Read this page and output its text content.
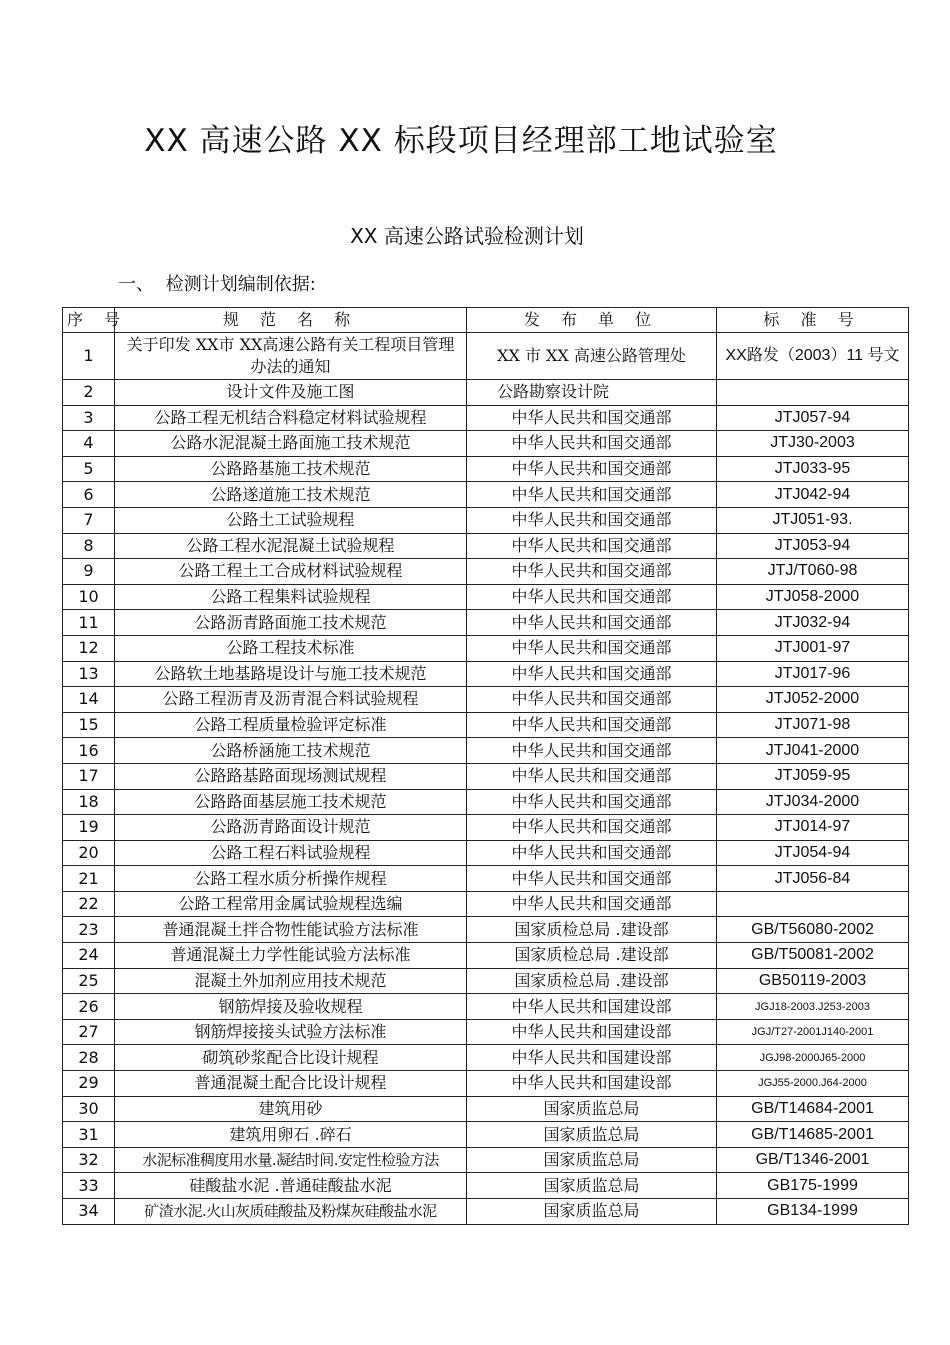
XX 高速公路 XX 标段项目经理部工地试验室
XX 高速公路试验检测计划
一、 检测计划编制依据:
序 号	规 范 名 称	发 布 单 位	标 准 号
1	关于印发 XX市 XX高速公路有关工程项目管理办法的通知	XX 市 XX 高速公路管理处	XX路发（2003）11 号文
2	设计文件及施工图	公路勘察设计院	
3	公路工程无机结合料稳定材料试验规程	中华人民共和国交通部	JTJ057-94
4	公路水泥混凝土路面施工技术规范	中华人民共和国交通部	JTJ30-2003
5	公路路基施工技术规范	中华人民共和国交通部	JTJ033-95
6	公路遂道施工技术规范	中华人民共和国交通部	JTJ042-94
7	公路土工试验规程	中华人民共和国交通部	JTJ051-93.
8	公路工程水泥混凝土试验规程	中华人民共和国交通部	JTJ053-94
9	公路工程土工合成材料试验规程	中华人民共和国交通部	JTJ/T060-98
10	公路工程集料试验规程	中华人民共和国交通部	JTJ058-2000
11	公路沥青路面施工技术规范	中华人民共和国交通部	JTJ032-94
12	公路工程技术标准	中华人民共和国交通部	JTJ001-97
13	公路软土地基路堤设计与施工技术规范	中华人民共和国交通部	JTJ017-96
14	公路工程沥青及沥青混合料试验规程	中华人民共和国交通部	JTJ052-2000
15	公路工程质量检验评定标准	中华人民共和国交通部	JTJ071-98
16	公路桥涵施工技术规范	中华人民共和国交通部	JTJ041-2000
17	公路路基路面现场测试规程	中华人民共和国交通部	JTJ059-95
18	公路路面基层施工技术规范	中华人民共和国交通部	JTJ034-2000
19	公路沥青路面设计规范	中华人民共和国交通部	JTJ014-97
20	公路工程石料试验规程	中华人民共和国交通部	JTJ054-94
21	公路工程水质分析操作规程	中华人民共和国交通部	JTJ056-84
22	公路工程常用金属试验规程选编	中华人民共和国交通部	
23	普通混凝土拌合物性能试验方法标准	国家质检总局 .建设部	GB/T56080-2002
24	普通混凝土力学性能试验方法标准	国家质检总局 .建设部	GB/T50081-2002
25	混凝土外加剂应用技术规范	国家质检总局 .建设部	GB50119-2003
26	钢筋焊接及验收规程	中华人民共和国建设部	JGJ18-2003.J253-2003
27	钢筋焊接接头试验方法标准	中华人民共和国建设部	JGJ/T27-2001J140-2001
28	砌筑砂浆配合比设计规程	中华人民共和国建设部	JGJ98-2000J65-2000
29	普通混凝土配合比设计规程	中华人民共和国建设部	JGJ55-2000.J64-2000
30	建筑用砂	国家质监总局	GB/T14684-2001
31	建筑用卵石 .碎石	国家质监总局	GB/T14685-2001
32	水泥标准稠度用水量.凝结时间.安定性检验方法	国家质监总局	GB/T1346-2001
33	硅酸盐水泥 .普通硅酸盐水泥	国家质监总局	GB175-1999
34	矿渣水泥.火山灰质硅酸盐及粉煤灰硅酸盐水泥	国家质监总局	GB134-1999
